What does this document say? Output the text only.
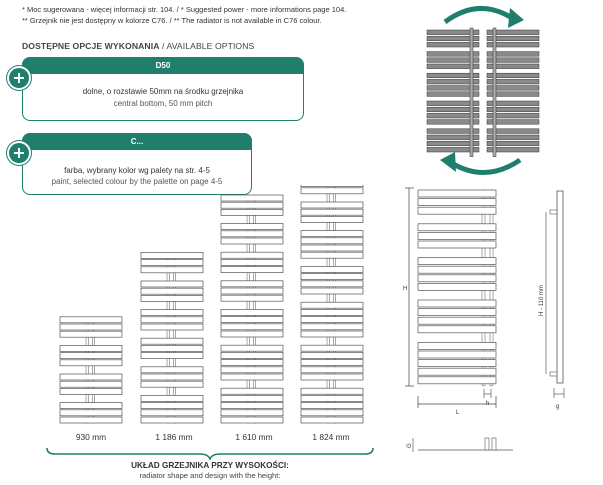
* Moc sugerowana - więcej informacji str. 104. / * Suggested power - more informations page 104.
** Grzejnik nie jest dostępny w kolorze C76. / ** The radiator is not available in C76 colour.
DOSTĘPNE OPCJE WYKONANIA / AVAILABLE OPTIONS
D50
dolne, o rozstawie 50mm na środku grzejnika
central bottom, 50 mm pitch
C...
farba, wybrany kolor wg palety na str. 4-5
paint, selected colour by the palette on page 4-5
930 mm	1 186 mm	1 610 mm	1 824 mm
UKŁAD GRZEJNIKA PRZY WYSOKOŚCI:
radiator shape and design with the height:
H
L
h
H - 110 mm
g
G
